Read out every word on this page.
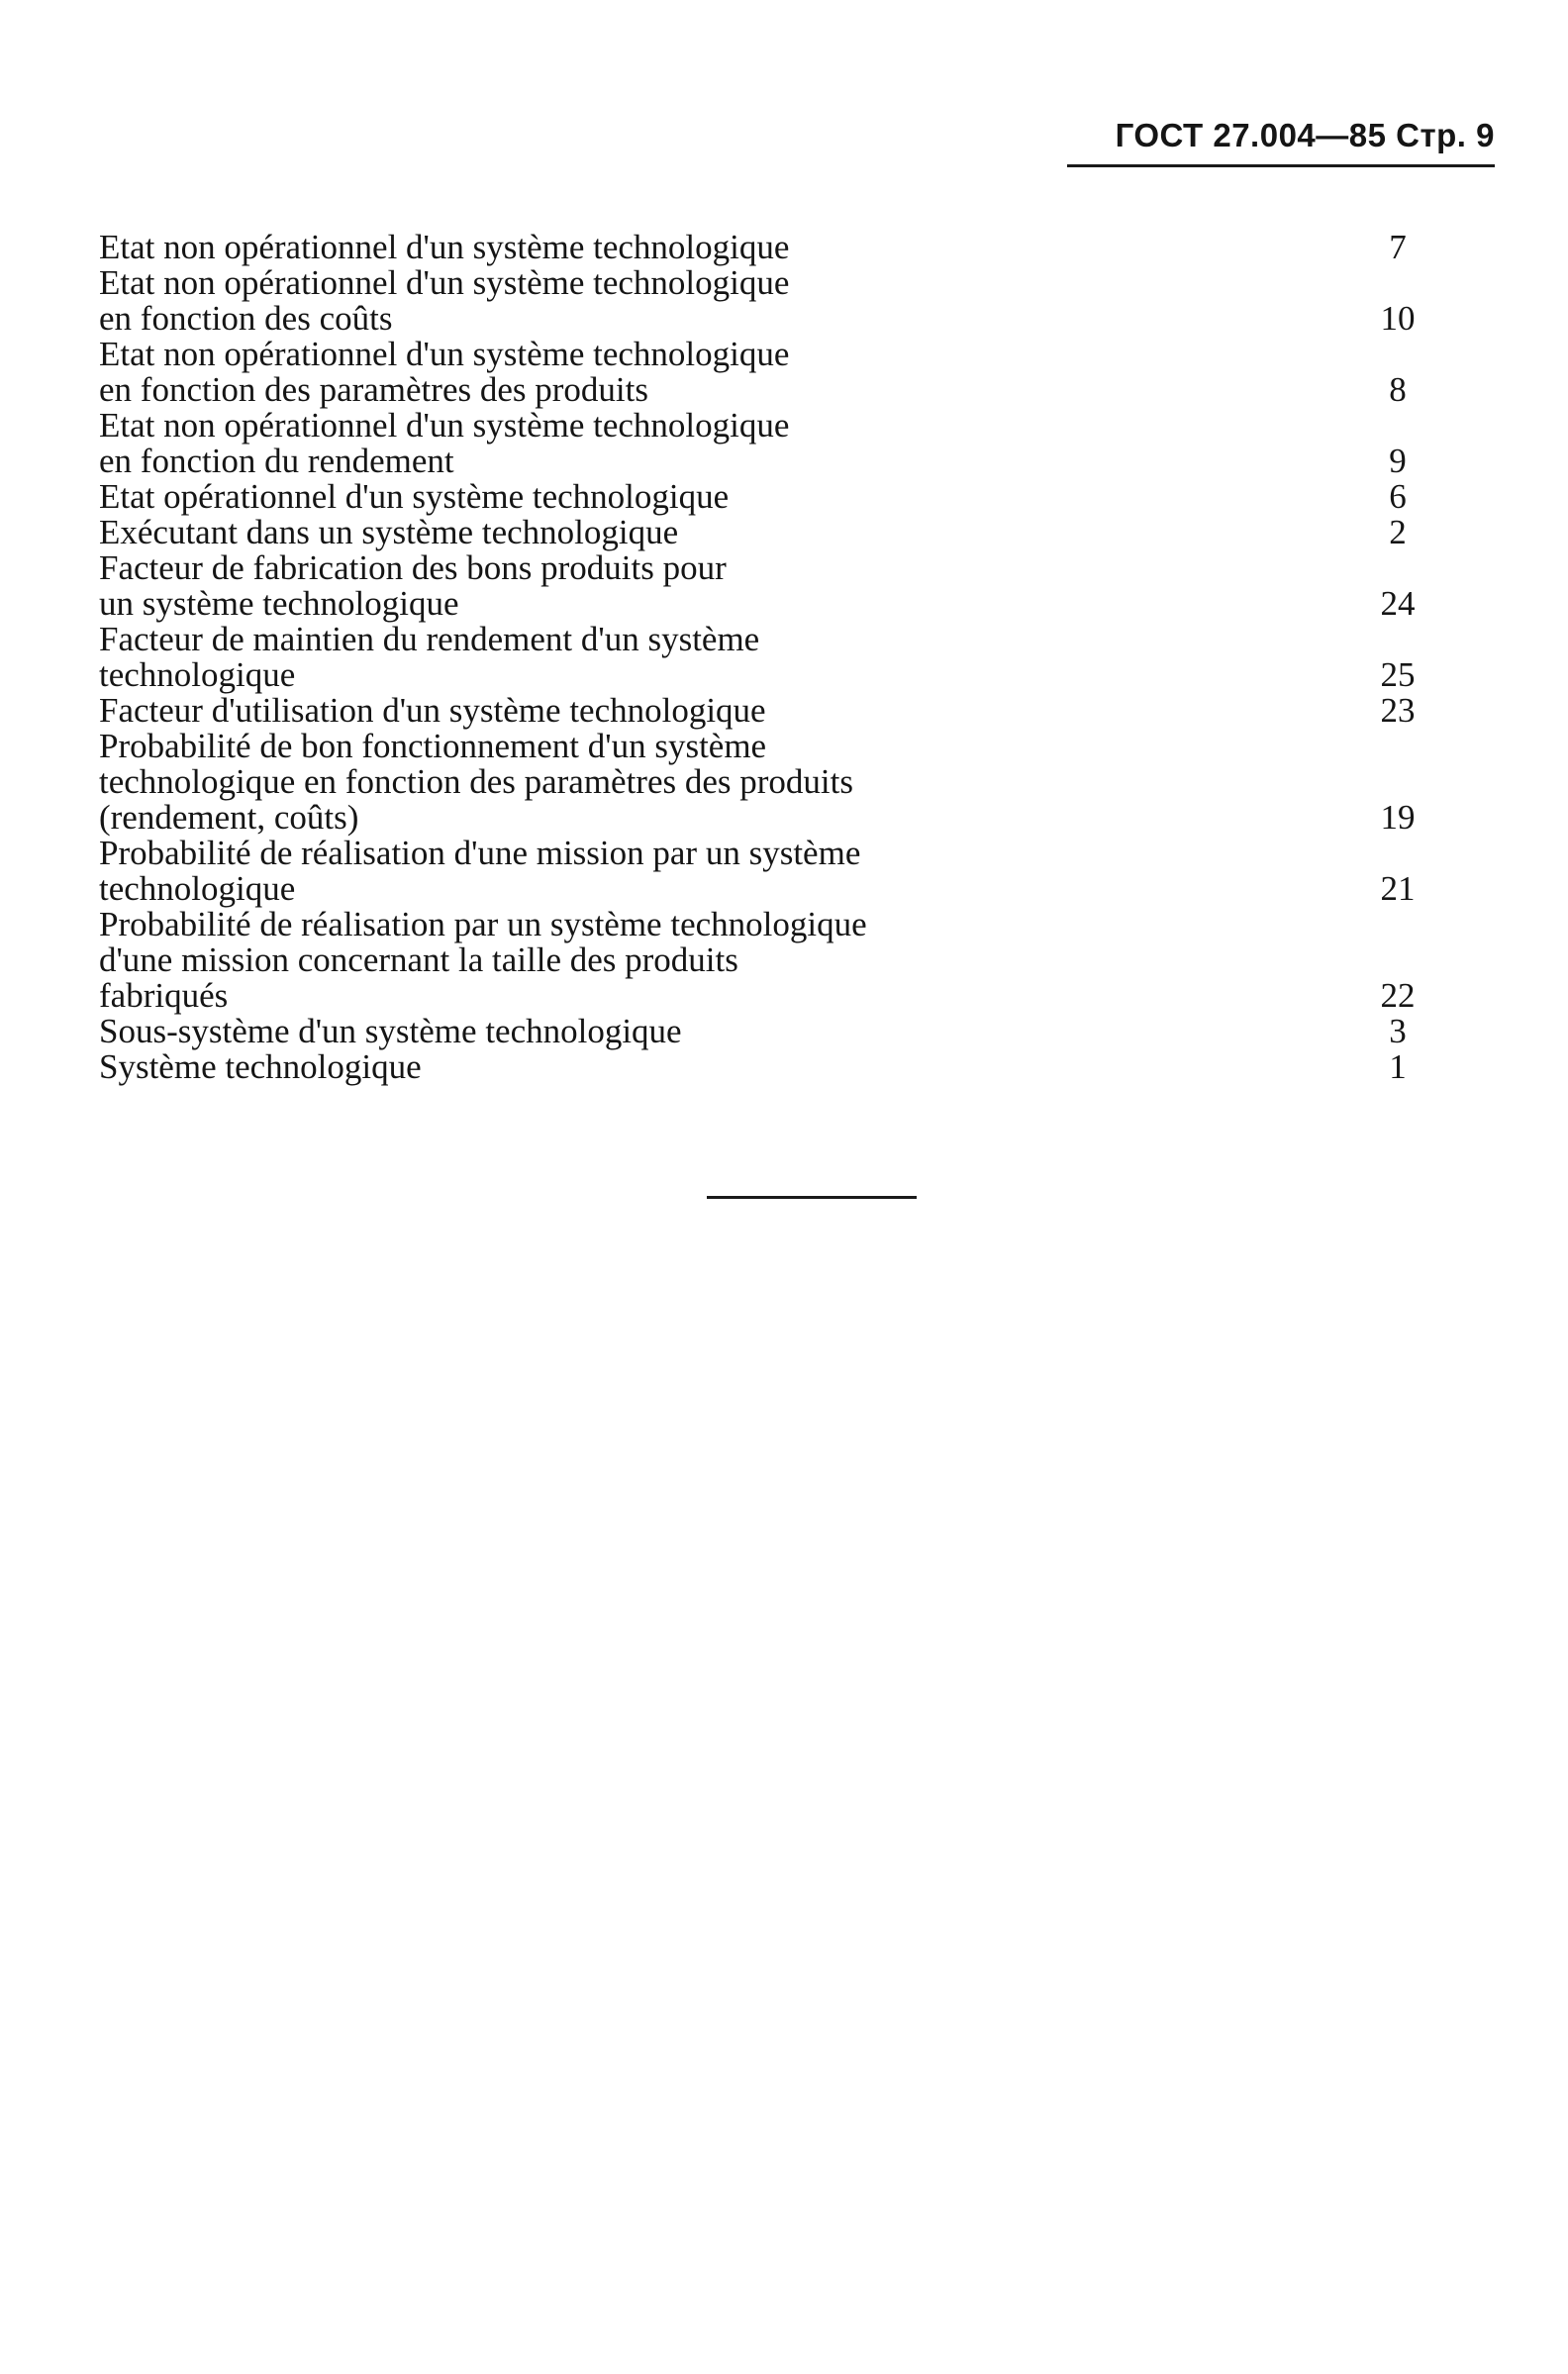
ГОСТ 27.004—85 Стр. 9
Etat non opérationnel d'un système technologique	7
Etat non opérationnel d'un système technologique
en fonction des coûts	10
Etat non opérationnel d'un système technologique
en fonction des paramètres des produits	8
Etat non opérationnel d'un système technologique
en fonction du rendement	9
Etat opérationnel d'un système technologique	6
Exécutant dans un système technologique	2
Facteur de fabrication des bons produits pour
un système technologique	24
Facteur de maintien du rendement d'un système
technologique	25
Facteur d'utilisation d'un système technologique	23
Probabilité de bon fonctionnement d'un système
technologique en fonction des paramètres des produits
(rendement, coûts)	19
Probabilité de réalisation d'une mission par un système
technologique	21
Probabilité de réalisation par un système technologique
d'une mission concernant la taille des produits
fabriqués	22
Sous-système d'un système technologique	3
Système technologique	1
